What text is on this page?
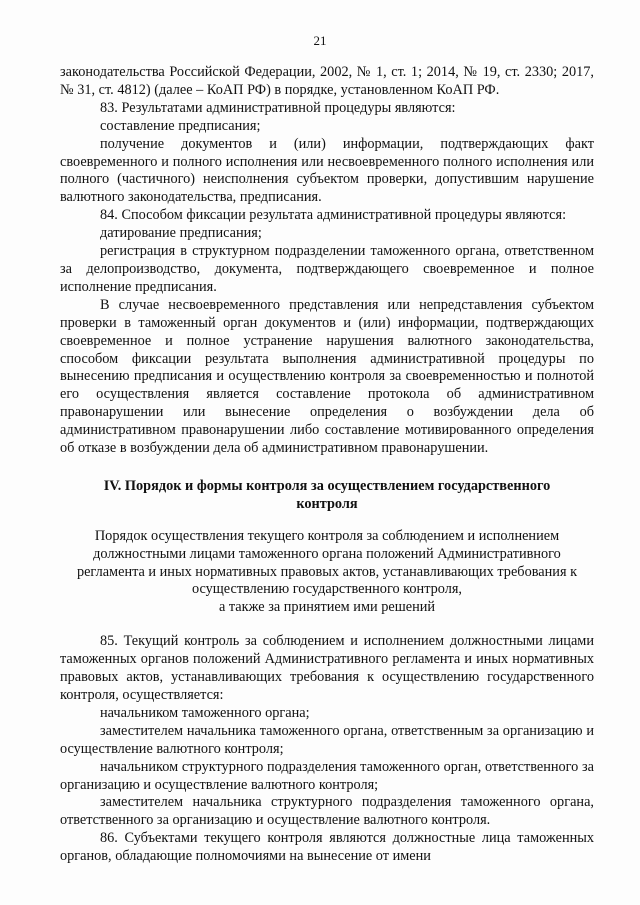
21

законодательства Российской Федерации, 2002, № 1, ст. 1; 2014, № 19, ст. 2330; 2017, № 31, ст. 4812) (далее – КоАП РФ) в порядке, установленном КоАП РФ.

83. Результатами административной процедуры являются:

составление предписания;

получение документов и (или) информации, подтверждающих факт своевременного и полного исполнения или несвоевременного полного исполнения или полного (частичного) неисполнения субъектом проверки, допустившим нарушение валютного законодательства, предписания.

84. Способом фиксации результата административной процедуры являются:

датирование предписания;

регистрация в структурном подразделении таможенного органа, ответственном за делопроизводство, документа, подтверждающего своевременное и полное исполнение предписания.

В случае несвоевременного представления или непредставления субъектом проверки в таможенный орган документов и (или) информации, подтверждающих своевременное и полное устранение нарушения валютного законодательства, способом фиксации результата выполнения административной процедуры по вынесению предписания и осуществлению контроля за своевременностью и полнотой его осуществления является составление протокола об административном правонарушении или вынесение определения о возбуждении дела об административном правонарушении либо составление мотивированного определения об отказе в возбуждении дела об административном правонарушении.

IV. Порядок и формы контроля за осуществлением государственного контроля

Порядок осуществления текущего контроля за соблюдением и исполнением
должностными лицами таможенного органа положений Административного
регламента и иных нормативных правовых актов, устанавливающих требования к
осуществлению государственного контроля,
а также за принятием ими решений

85. Текущий контроль за соблюдением и исполнением должностными лицами таможенных органов положений Административного регламента и иных нормативных правовых актов, устанавливающих требования к осуществлению государственного контроля, осуществляется:

начальником таможенного органа;

заместителем начальника таможенного органа, ответственным за организацию и осуществление валютного контроля;

начальником структурного подразделения таможенного орган, ответственного за организацию и осуществление валютного контроля;

заместителем начальника структурного подразделения таможенного органа, ответственного за организацию и осуществление валютного контроля.

86. Субъектами текущего контроля являются должностные лица таможенных органов, обладающие полномочиями на вынесение от имени
